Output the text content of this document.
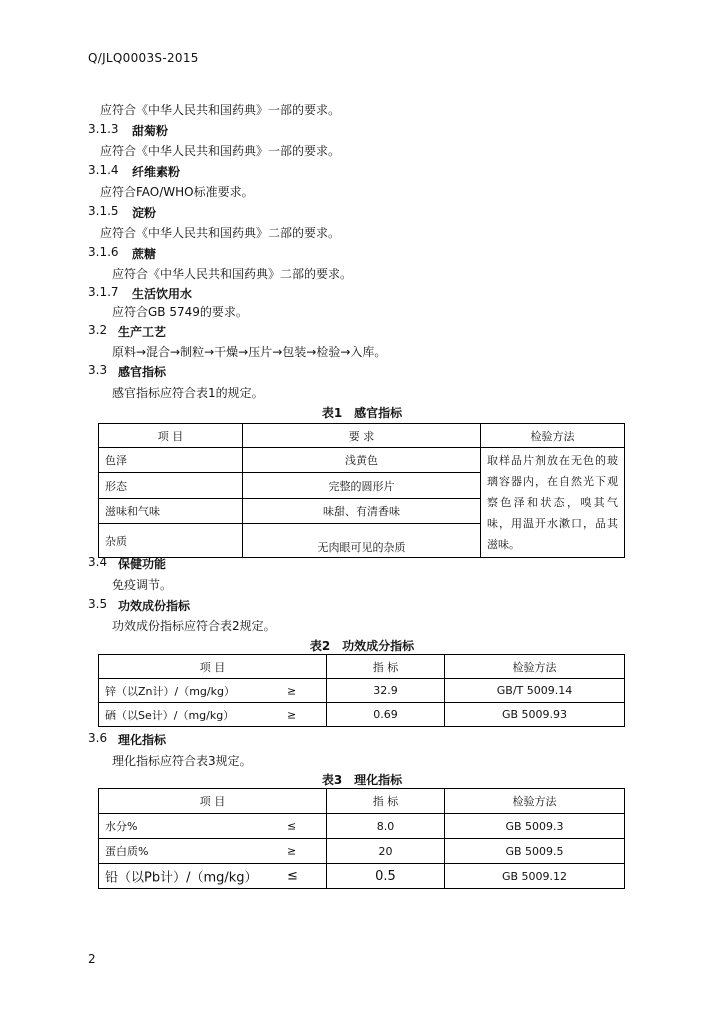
Q/JLQ0003S-2015
应符合《中华人民共和国药典》一部的要求。
3.1.3 甜菊粉
应符合《中华人民共和国药典》一部的要求。
3.1.4 纤维素粉
应符合FAO/WHO标准要求。
3.1.5 淀粉
应符合《中华人民共和国药典》二部的要求。
3.1.6 蔗糖
应符合《中华人民共和国药典》二部的要求。
3.1.7 生活饮用水
应符合GB 5749的要求。
3.2 生产工艺
原料→混合→制粒→干燥→压片→包装→检验→入库。
3.3 感官指标
感官指标应符合表1的规定。
表1　感官指标
项 目	要 求	检验方法
色泽	浅黄色	取样品片剂放在无色的玻璃容器内，在自然光下观察色泽和状态，嗅其气味，用温开水漱口，品其滋味。
形态	完整的圆形片	
滋味和气味	味甜、有清香味	
杂质	无肉眼可见的杂质	
3.4 保健功能
免疫调节。
3.5 功效成份指标
功效成份指标应符合表2规定。
表2　功效成分指标
项 目	指 标	检验方法

锌（以Zn计）/（mg/kg） ≥	32.9	GB/T 5009.14

硒（以Se计）/（mg/kg） ≥	0.69	GB 5009.93
3.6 理化指标
理化指标应符合表3规定。
表3　理化指标
项 目	指 标	检验方法

水分% ≤	8.0	GB 5009.3

蛋白质% ≥	20	GB 5009.5

铅（以Pb计）/（mg/kg） ≤	0.5	GB 5009.12
2
